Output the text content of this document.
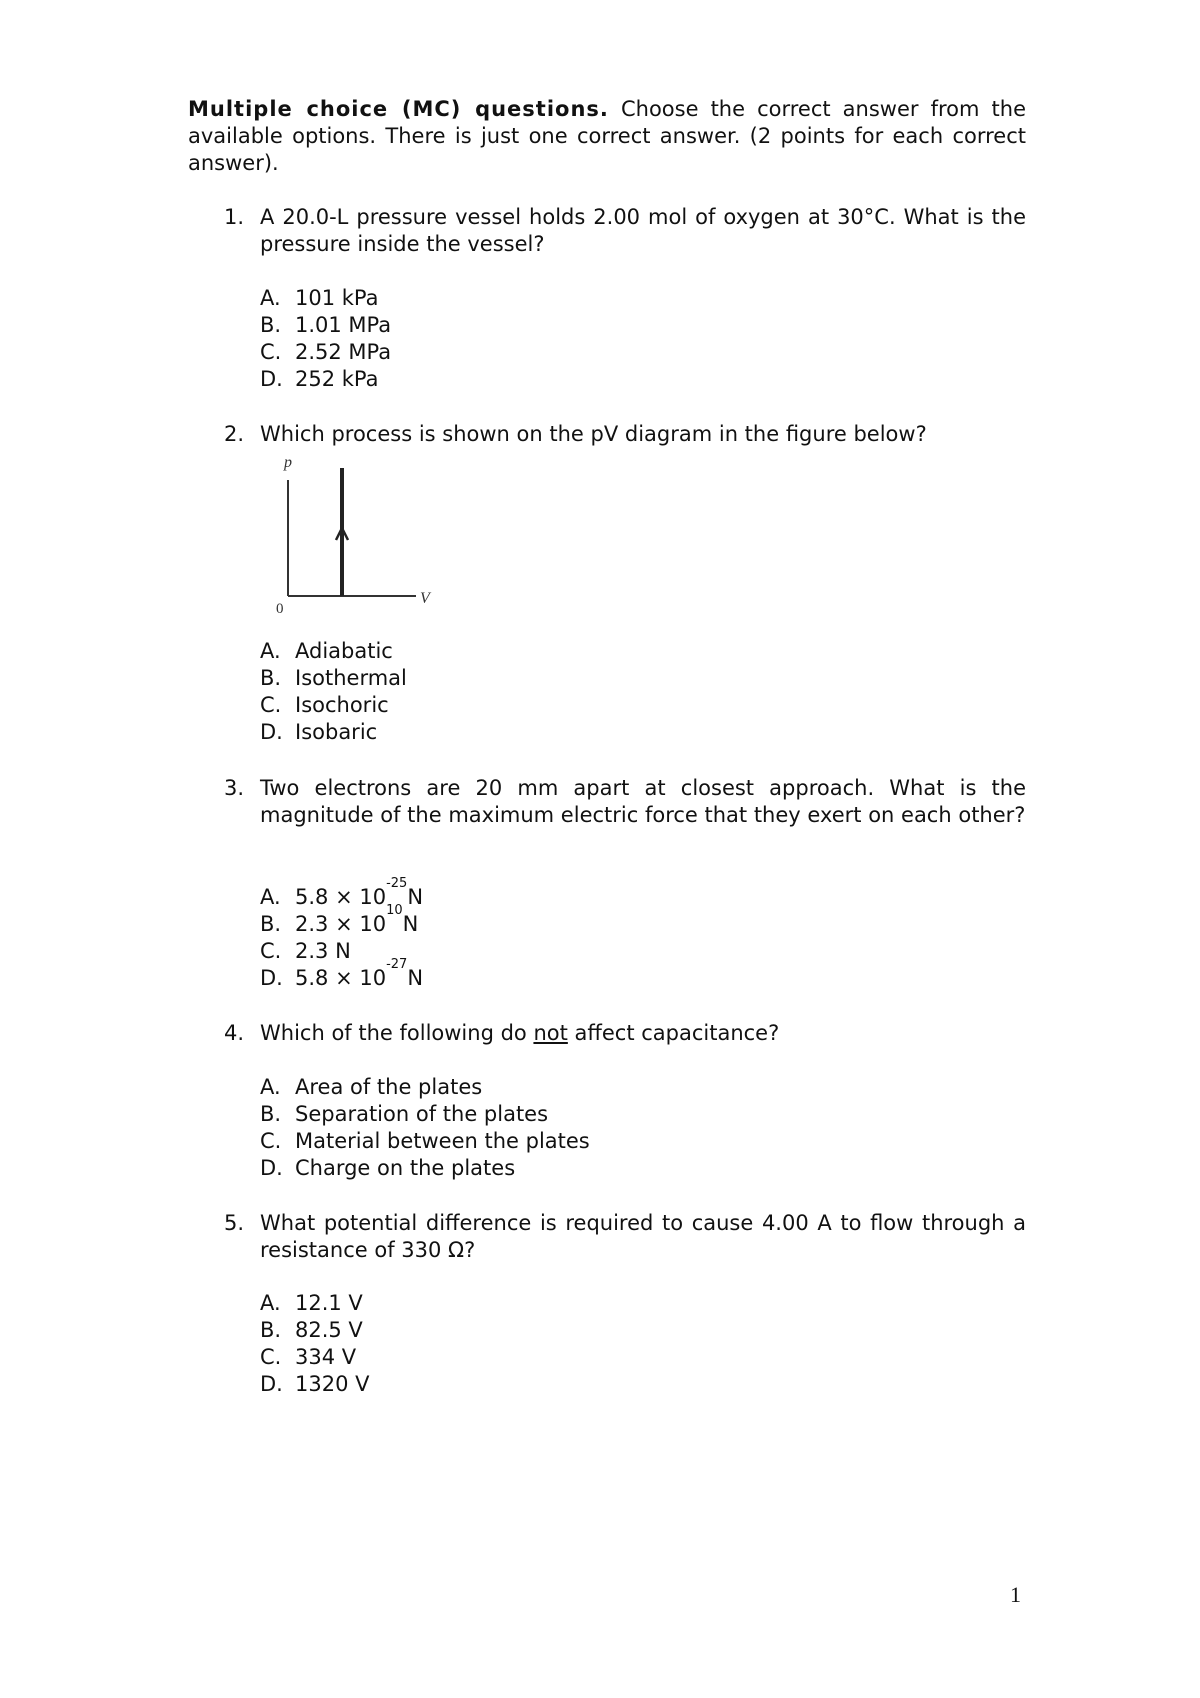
Multiple choice (MC) questions. Choose the correct answer from the available options. There is just one correct answer. (2 points for each correct answer).

1. A 20.0-L pressure vessel holds 2.00 mol of oxygen at 30°C. What is the pressure inside the vessel?
A. 101 kPa
B. 1.01 MPa
C. 2.52 MPa
D. 252 kPa
2. Which process is shown on the pV diagram in the figure below?
p
0
V
A. Adiabatic
B. Isothermal
C. Isochoric
D. Isobaric
3. Two electrons are 20 mm apart at closest approach. What is the magnitude of the maximum electric force that they exert on each other?
A. 5.8 × 10
-25
N
B. 2.3 × 10
10
N
C. 2.3 N
D. 5.8 × 10
-27
N
4. Which of the following do not affect capacitance?
A. Area of the plates
B. Separation of the plates
C. Material between the plates
D. Charge on the plates
5. What potential difference is required to cause 4.00 A to flow through a resistance of 330 Ω?
A. 12.1 V
B. 82.5 V
C. 334 V
D. 1320 V
1
